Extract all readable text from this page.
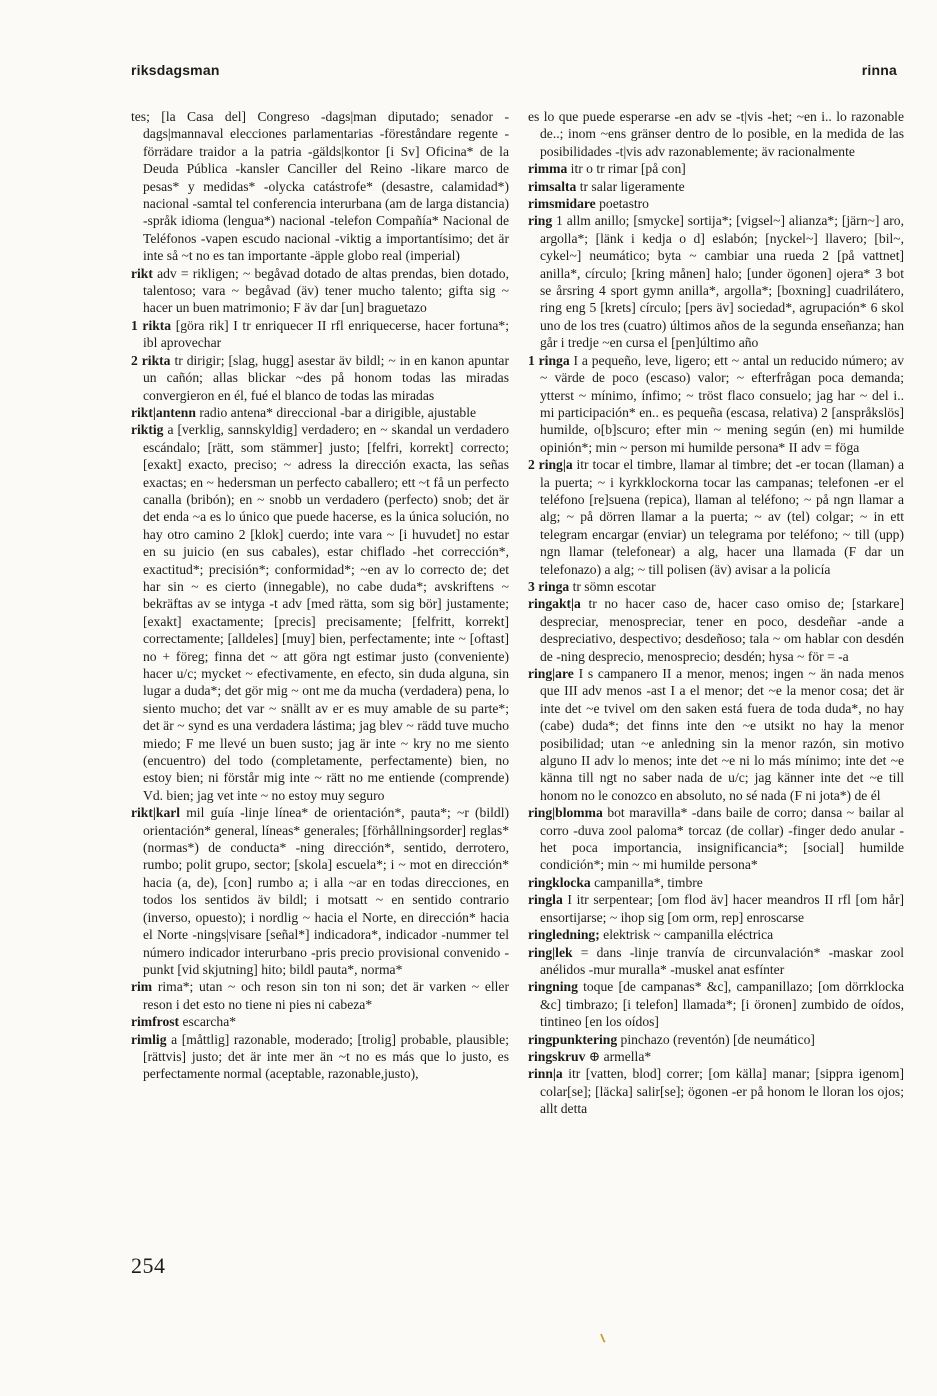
riksdagsman	rinna

tes; [la Casa del] Congreso -dags|man diputado; senador -dags|mannaval elecciones parlamentarias -föreståndare regente -förrädare traidor a la patria -gälds|kontor [i Sv] Oficina* de la Deuda Pública -kansler Canciller del Reino -likare marco de pesas* y medidas* -olycka catástrofe* (desastre, calamidad*) nacional -samtal tel conferencia interurbana (am de larga distancia) -språk idioma (lengua*) nacional -telefon Compañía* Nacional de Teléfonos -vapen escudo nacional -viktig a importantísimo; det är inte så ~t no es tan importante -äpple globo real (imperial)

rikt adv = rikligen; ~ begåvad dotado de altas prendas, bien dotado, talentoso; vara ~ begåvad (äv) tener mucho talento; gifta sig ~ hacer un buen matrimonio; F äv dar [un] braguetazo

1 rikta [göra rik] I tr enriquecer II rfl enriquecerse, hacer fortuna*; ibl aprovechar

2 rikta tr dirigir; [slag, hugg] asestar äv bildl; ~ in en kanon apuntar un cañón; allas blickar ~des på honom todas las miradas convergieron en él, fué el blanco de todas las miradas

rikt|antenn radio antena* direccional -bar a dirigible, ajustable

riktig a [verklig, sannskyldig] verdadero; en ~ skandal un verdadero escándalo; [rätt, som stämmer] justo; [felfri, korrekt] correcto; [exakt] exacto, preciso; ~ adress la dirección exacta, las señas exactas; en ~ hedersman un perfecto caballero; ett ~t få un perfecto canalla (bribón); en ~ snobb un verdadero (perfecto) snob; det är det enda ~a es lo único que puede hacerse, es la única solución, no hay otro camino 2 [klok] cuerdo; inte vara ~ [i huvudet] no estar en su juicio (en sus cabales), estar chiflado -het corrección*, exactitud*; precisión*; conformidad*; ~en av lo correcto de; det har sin ~ es cierto (innegable), no cabe duda*; avskriftens ~ bekräftas av se intyga -t adv [med rätta, som sig bör] justamente; [exakt] exactamente; [precis] precisamente; [felfritt, korrekt] correctamente; [alldeles] [muy] bien, perfectamente; inte ~ [oftast] no + föreg; finna det ~ att göra ngt estimar justo (conveniente) hacer u/c; mycket ~ efectivamente, en efecto, sin duda alguna, sin lugar a duda*; det gör mig ~ ont me da mucha (verdadera) pena, lo siento mucho; det var ~ snällt av er es muy amable de su parte*; det är ~ synd es una verdadera lástima; jag blev ~ rädd tuve mucho miedo; F me llevé un buen susto; jag är inte ~ kry no me siento (encuentro) del todo (completamente, perfectamente) bien, no estoy bien; ni förstår mig inte ~ rätt no me entiende (comprende) Vd. bien; jag vet inte ~ no estoy muy seguro

rikt|karl mil guía -linje línea* de orientación*, pauta*; ~r (bildl) orientación* general, líneas* generales; [förhållningsorder] reglas* (normas*) de conducta* -ning dirección*, sentido, derrotero, rumbo; polit grupo, sector; [skola] escuela*; i ~ mot en dirección* hacia (a, de), [con] rumbo a; i alla ~ar en todas direcciones, en todos los sentidos äv bildl; i motsatt ~ en sentido contrario (inverso, opuesto); i nordlig ~ hacia el Norte, en dirección* hacia el Norte -nings|visare [señal*] indicadora*, indicador -nummer tel número indicador interurbano -pris precio provisional convenido -punkt [vid skjutning] hito; bildl pauta*, norma*

rim rima*; utan ~ och reson sin ton ni son; det är varken ~ eller reson i det esto no tiene ni pies ni cabeza*

rimfrost escarcha*

rimlig a [måttlig] razonable, moderado; [trolig] probable, plausible; [rättvis] justo; det är inte mer än ~t no es más que lo justo, es perfectamente normal (aceptable, razonable,justo),

es lo que puede esperarse -en adv se -t|vis -het; ~en i.. lo razonable de..; inom ~ens gränser dentro de lo posible, en la medida de las posibilidades -t|vis adv razonablemente; äv racionalmente

rimma itr o tr rimar [på con]

rimsalta tr salar ligeramente

rimsmidare poetastro

ring 1 allm anillo; [smycke] sortija*; [vigsel~] alianza*; [järn~] aro, argolla*; [länk i kedja o d] eslabón; [nyckel~] llavero; [bil~, cykel~] neumático; byta ~ cambiar una rueda 2 [på vattnet] anilla*, círculo; [kring månen] halo; [under ögonen] ojera* 3 bot se årsring 4 sport gymn anilla*, argolla*; [boxning] cuadrilátero, ring eng 5 [krets] círculo; [pers äv] sociedad*, agrupación* 6 skol uno de los tres (cuatro) últimos años de la segunda enseñanza; han går i tredje ~en cursa el [pen]último año

1 ringa I a pequeño, leve, ligero; ett ~ antal un reducido número; av ~ värde de poco (escaso) valor; ~ efterfrågan poca demanda; ytterst ~ mínimo, ínfimo; ~ tröst flaco consuelo; jag har ~ del i.. mi participación* en.. es pequeña (escasa, relativa) 2 [anspråkslös] humilde, o[b]scuro; efter min ~ mening según (en) mi humilde opinión*; min ~ person mi humilde persona* II adv = föga

2 ring|a itr tocar el timbre, llamar al timbre; det -er tocan (llaman) a la puerta; ~ i kyrkklockorna tocar las campanas; telefonen -er el teléfono [re]suena (repica), llaman al teléfono; ~ på ngn llamar a alg; ~ på dörren llamar a la puerta; ~ av (tel) colgar; ~ in ett telegram encargar (enviar) un telegrama por teléfono; ~ till (upp) ngn llamar (telefonear) a alg, hacer una llamada (F dar un telefonazo) a alg; ~ till polisen (äv) avisar a la policía

3 ringa tr sömn escotar

ringakt|a tr no hacer caso de, hacer caso omiso de; [starkare] despreciar, menospreciar, tener en poco, desdeñar -ande a despreciativo, despectivo; desdeñoso; tala ~ om hablar con desdén de -ning desprecio, menosprecio; desdén; hysa ~ för = -a

ring|are I s campanero II a menor, menos; ingen ~ än nada menos que III adv menos -ast I a el menor; det ~e la menor cosa; det är inte det ~e tvivel om den saken está fuera de toda duda*, no hay (cabe) duda*; det finns inte den ~e utsikt no hay la menor posibilidad; utan ~e anledning sin la menor razón, sin motivo alguno II adv lo menos; inte det ~e ni lo más mínimo; inte det ~e känna till ngt no saber nada de u/c; jag känner inte det ~e till honom no le conozco en absoluto, no sé nada (F ni jota*) de él

ring|blomma bot maravilla* -dans baile de corro; dansa ~ bailar al corro -duva zool paloma* torcaz (de collar) -finger dedo anular -het poca importancia, insignificancia*; [social] humilde condición*; min ~ mi humilde persona*

ringklocka campanilla*, timbre

ringla I itr serpentear; [om flod äv] hacer meandros II rfl [om hår] ensortijarse; ~ ihop sig [om orm, rep] enroscarse

ringledning; elektrisk ~ campanilla eléctrica

ring|lek = dans -linje tranvía de circunvalación* -maskar zool anélidos -mur muralla* -muskel anat esfínter

ringning toque [de campanas* &c], campanillazo; [om dörrklocka &c] timbrazo; [i telefon] llamada*; [i öronen] zumbido de oídos, tintineo [en los oídos]

ringpunktering pinchazo (reventón) [de neumático]

ringskruv ⊕ armella*

rinn|a itr [vatten, blod] correr; [om källa] manar; [sippra igenom] colar[se]; [läcka] salir[se]; ögonen -er på honom le lloran los ojos; allt detta

254
